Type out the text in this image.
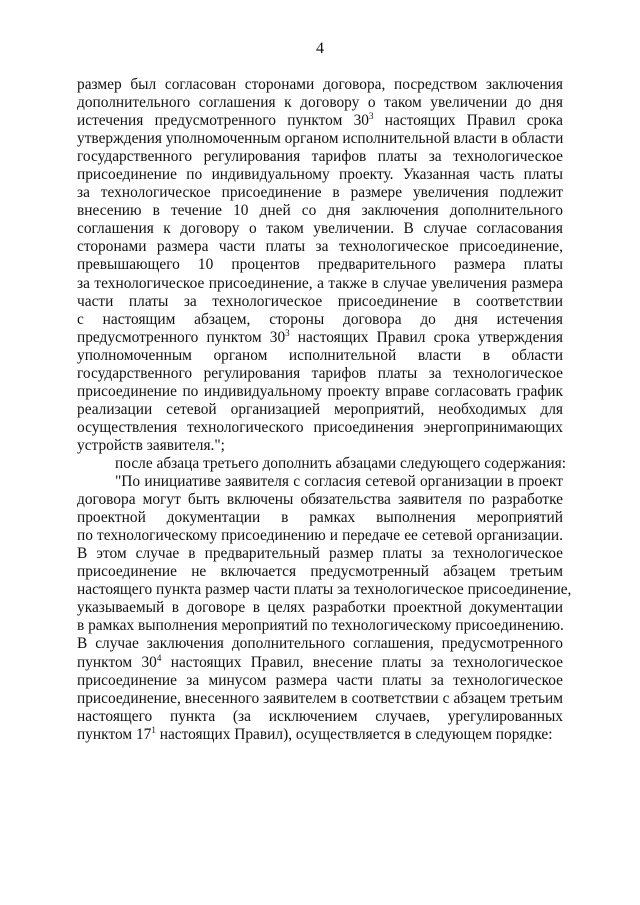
4
размер был согласован сторонами договора, посредством заключения
дополнительного соглашения к договору о таком увеличении до дня
истечения предусмотренного пунктом $30^3$ настоящих Правил срока
утверждения уполномоченным органом исполнительной власти в области
государственного регулирования тарифов платы за технологическое
присоединение по индивидуальному проекту. Указанная часть платы
за технологическое присоединение в размере увеличения подлежит
внесению в течение 10 дней со дня заключения дополнительного
соглашения к договору о таком увеличении. В случае согласования
сторонами размера части платы за технологическое присоединение,
превышающего 10 процентов предварительного размера платы
за технологическое присоединение, а также в случае увеличения размера
части платы за технологическое присоединение в соответствии
с настоящим абзацем, стороны договора до дня истечения
предусмотренного пунктом $30^3$ настоящих Правил срока утверждения
уполномоченным органом исполнительной власти в области
государственного регулирования тарифов платы за технологическое
присоединение по индивидуальному проекту вправе согласовать график
реализации сетевой организацией мероприятий, необходимых для
осуществления технологического присоединения энергопринимающих
устройств заявителя.";
после абзаца третьего дополнить абзацами следующего содержания:
"По инициативе заявителя с согласия сетевой организации в проект
договора могут быть включены обязательства заявителя по разработке
проектной документации в рамках выполнения мероприятий
по технологическому присоединению и передаче ее сетевой организации.
В этом случае в предварительный размер платы за технологическое
присоединение не включается предусмотренный абзацем третьим
настоящего пункта размер части платы за технологическое присоединение,
указываемый в договоре в целях разработки проектной документации
в рамках выполнения мероприятий по технологическому присоединению.
В случае заключения дополнительного соглашения, предусмотренного
пунктом $30^4$ настоящих Правил, внесение платы за технологическое
присоединение за минусом размера части платы за технологическое
присоединение, внесенного заявителем в соответствии с абзацем третьим
настоящего пункта (за исключением случаев, урегулированных
пунктом $17^1$ настоящих Правил), осуществляется в следующем порядке:
